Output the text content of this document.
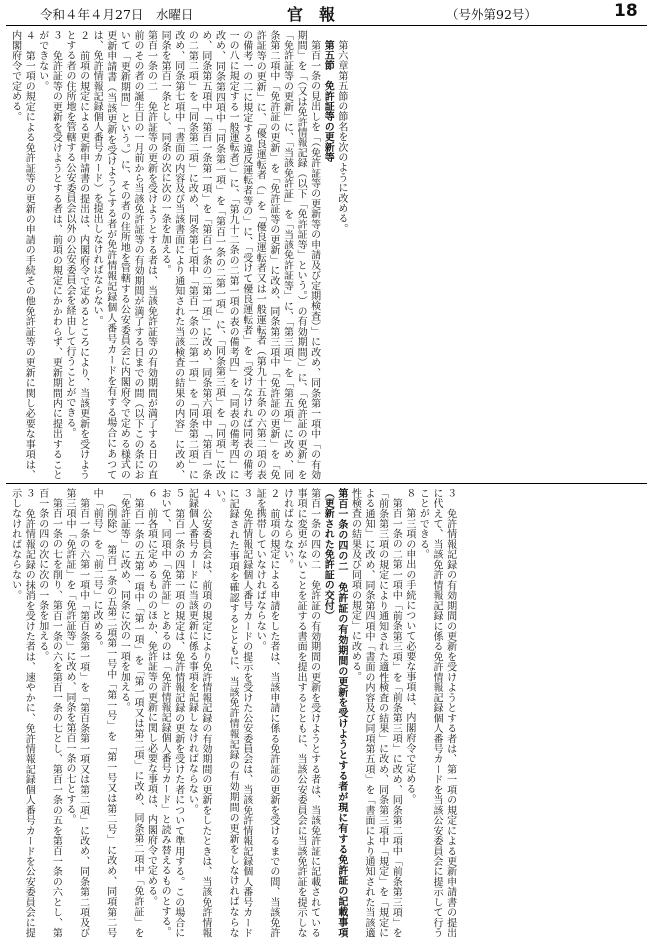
令和４年４月27日　水曜日	官報	（号外第92号）	18
第六章第五節の節名を次のように改める。
第五節　免許証等の更新等
第百一条の見出しを「（免許証等の更新等の申請及び定期検査）」に改め、同条第一項中「の有効期間」を「（又は免許情報記録（以下「免許証等」という。）の有効期間）」に、「免許証の更新」を「免許証等の更新」に、「当該免許証」を「当該免許証等」に、「第三項」を「第五項」に改め、同条第二項中「免許証の更新」を「免許証等の更新」に改め、同条第三項中「免許証の更新」を「免許証等の更新」に、「優良運転者（」を「優良運転者又は一般運転者（第九十五条の六第二項の表の備考一の二に規定する違反運転者等の」に、「受けて優良運転者」を「受けなければ同表の備考一の八に規定する一般運転者）」に、「第九十二条の二第一項の表の備考四」を「同表の備考四」に改め、同条第四項中「同条第一項」を「第百一条の二第一項」に、「同条第三項」を「同項」に改め、同条第五項中「第百一条第一項」を「第百一条の二第一項」に改め、同条第六項中「第百一条の二第二項」を「同条第二項」に改め、同条第七項中「第百一条の二第一項」を「同条第二項」に改め、同条第七項中「書面の内容及び当該書面により通知された当該検査の結果の内容」に改め、同条を第百一条とし、同条の次に次の一条を加える。
第百一条の二　免許証等の更新を受けようとする者は、当該免許証等の有効期間が満了する日の直前のその者の誕生日の一月前から当該免許証等の有効期間が満了する日までの間（以下この条において「更新期間」という。）に、その者の住所地を管轄する公安委員会に内閣府令で定める様式の更新申請書（当該更新を受けようとする者が免許情報記録個人番号カードを有する場合にあつては、免許情報記録個人番号カード）を提出しなければならない。
２　前項の規定による更新申請書の提出は、内閣府令で定めるところにより、当該更新を受けようとする者の住所地を管轄する公安委員会以外の公安委員会を経由して行うことができる。
３　免許証等の更新を受けようとする者は、前項の規定にかかわらず、更新期間内に提出することができない。
４　第一項の規定による免許証等の更新の申請の手続その他免許証等の更新に関し必要な事項は、内閣府令で定める。
３　免許情報記録の有効期間の更新を受けようとする者は、第一項の規定による更新申請書の提出に代えて、当該免許情報記録に係る免許情報記録個人番号カードを当該公安委員会に提示して行うことができる。
８　第三項の申出の手続について必要な事項は、内閣府令で定める。
第百一条の二第一項中「前条第三項」を「前条第三項」に改め、同条第二項中「前条第三項」を「前条第三項の規定により通知された適性検査の結果」に改め、同条第三項中「規定」を「規定による通知」に改め、同条第四項中「書面の内容及び同項第五項」を「書面により通知された当該適性検査の結果及び同項の規定」に改める。
第百一条の四の二　免許証の有効期間の更新を受けようとする者が現に有する免許証の記載事項（更新された免許証の交付）
第百一条の四の二　免許証の有効期間の更新を受けようとする者は、当該免許証に記載されている事項に変更がないことを証する書面を提出するとともに、当該公安委員会に当該免許証を提示しなければならない。
２　前項の規定による申請をした者は、当該申請に係る免許証の更新を受けるまでの間、当該免許証を携帯していなければならない。
３　免許情報記録個人番号カードの提示を受けた公安委員会は、当該免許情報記録個人番号カードに記録された事項を確認するとともに、当該免許情報記録の有効期間の更新をしなければならない。
４　公安委員会は、前項の規定により免許情報記録の有効期間の更新をしたときは、当該免許情報記録個人番号カードに当該更新に係る事項を記録しなければならない。
５　第百一条の四第一項の規定は、免許情報記録の更新を受けた者について準用する。この場合において、同項中「免許証」とあるのは「免許情報記録個人番号カード」と読み替えるものとする。
６　前各項に定めるもののほか、免許証等の更新に関し必要な事項は、内閣府令で定める。
第百一条の五第一項中「第一項」を「第一項又は第二項」に改め、同条第二項中「免許証」を「免許証等」に改め、同条に次の一項を加える。
（削除）　第百一条の五第二項第一号中「第一号」を「第一号又は第二号」に改め、同項第二号中「前号」を「前二号」に改める。
第百一条の六第一項中「第百条第一項」を「第百条第一項又は第二項」に改め、同条第二項及び第三項中「免許証」を「免許証等」に改め、同条を第百一条の七とする。
第百一条の七を削り、第百一条の六を第百一条の七とし、第百一条の五を第百一条の六とし、第百一条の四の次に次の一条を加える。
３　免許情報記録の抹消を受けた者は、速やかに、免許情報記録個人番号カードを公安委員会に提示しなければならない。
